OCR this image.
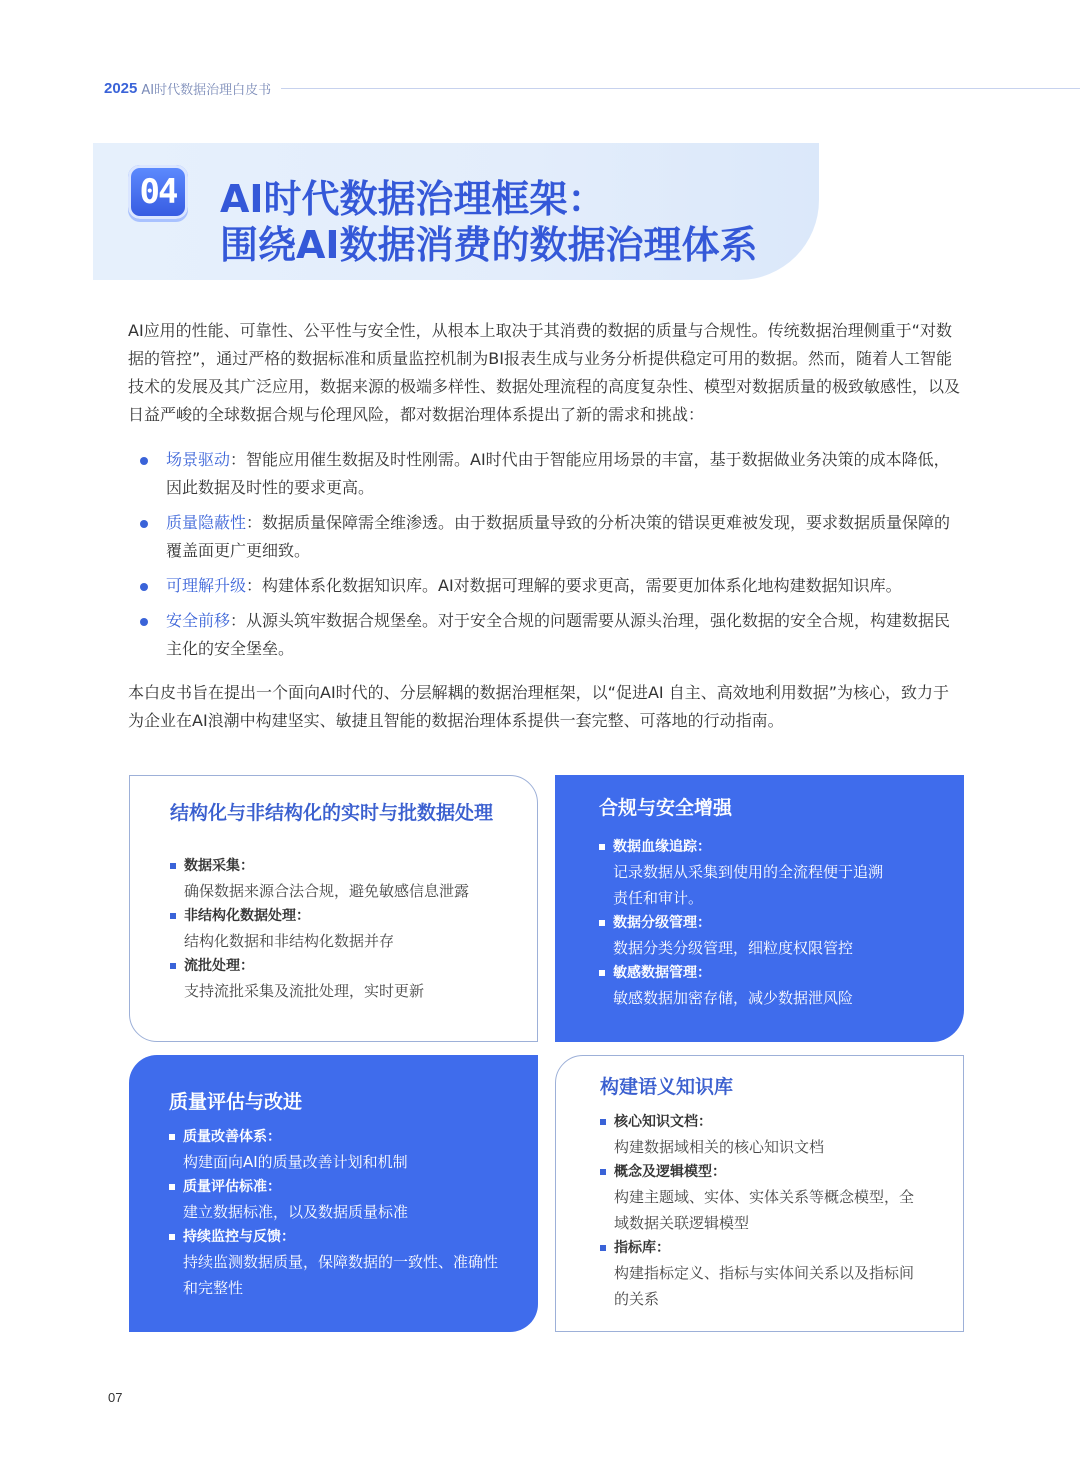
2025 AI时代数据治理白皮书
04 AI时代数据治理框架：
围绕AI数据消费的数据治理体系

AI应用的性能、可靠性、公平性与安全性，从根本上取决于其消费的数据的质量与合规性。传统数据治理侧重于“对数据的管控”，通过严格的数据标准和质量监控机制为BI报表生成与业务分析提供稳定可用的数据。然而，随着人工智能技术的发展及其广泛应用，数据来源的极端多样性、数据处理流程的高度复杂性、模型对数据质量的极致敏感性，以及日益严峻的全球数据合规与伦理风险，都对数据治理体系提出了新的需求和挑战：

场景驱动：智能应用催生数据及时性刚需。AI时代由于智能应用场景的丰富，基于数据做业务决策的成本降低，因此数据及时性的要求更高。
质量隐蔽性：数据质量保障需全维渗透。由于数据质量导致的分析决策的错误更难被发现，要求数据质量保障的覆盖面更广更细致。
可理解升级：构建体系化数据知识库。AI对数据可理解的要求更高，需要更加体系化地构建数据知识库。
安全前移：从源头筑牢数据合规堡垒。对于安全合规的问题需要从源头治理，强化数据的安全合规，构建数据民主化的安全堡垒。

本白皮书旨在提出一个面向AI时代的、分层解耦的数据治理框架，以“促进AI 自主、高效地利用数据”为核心，致力于为企业在AI浪潮中构建坚实、敏捷且智能的数据治理体系提供一套完整、可落地的行动指南。

结构化与非结构化的实时与批数据处理
数据采集：
确保数据来源合法合规，避免敏感信息泄露
非结构化数据处理：
结构化数据和非结构化数据并存
流批处理：
支持流批采集及流批处理，实时更新
合规与安全增强
数据血缘追踪：
记录数据从采集到使用的全流程便于追溯责任和审计。
数据分级管理：
数据分类分级管理，细粒度权限管控
敏感数据管理：
敏感数据加密存储，减少数据泄风险
质量评估与改进
质量改善体系：
构建面向AI的质量改善计划和机制
质量评估标准：
建立数据标准，以及数据质量标准
持续监控与反馈：
持续监测数据质量，保障数据的一致性、准确性和完整性
构建语义知识库
核心知识文档：
构建数据域相关的核心知识文档
概念及逻辑模型：
构建主题域、实体、实体关系等概念模型，全域数据关联逻辑模型
指标库：
构建指标定义、指标与实体间关系以及指标间的关系
07
